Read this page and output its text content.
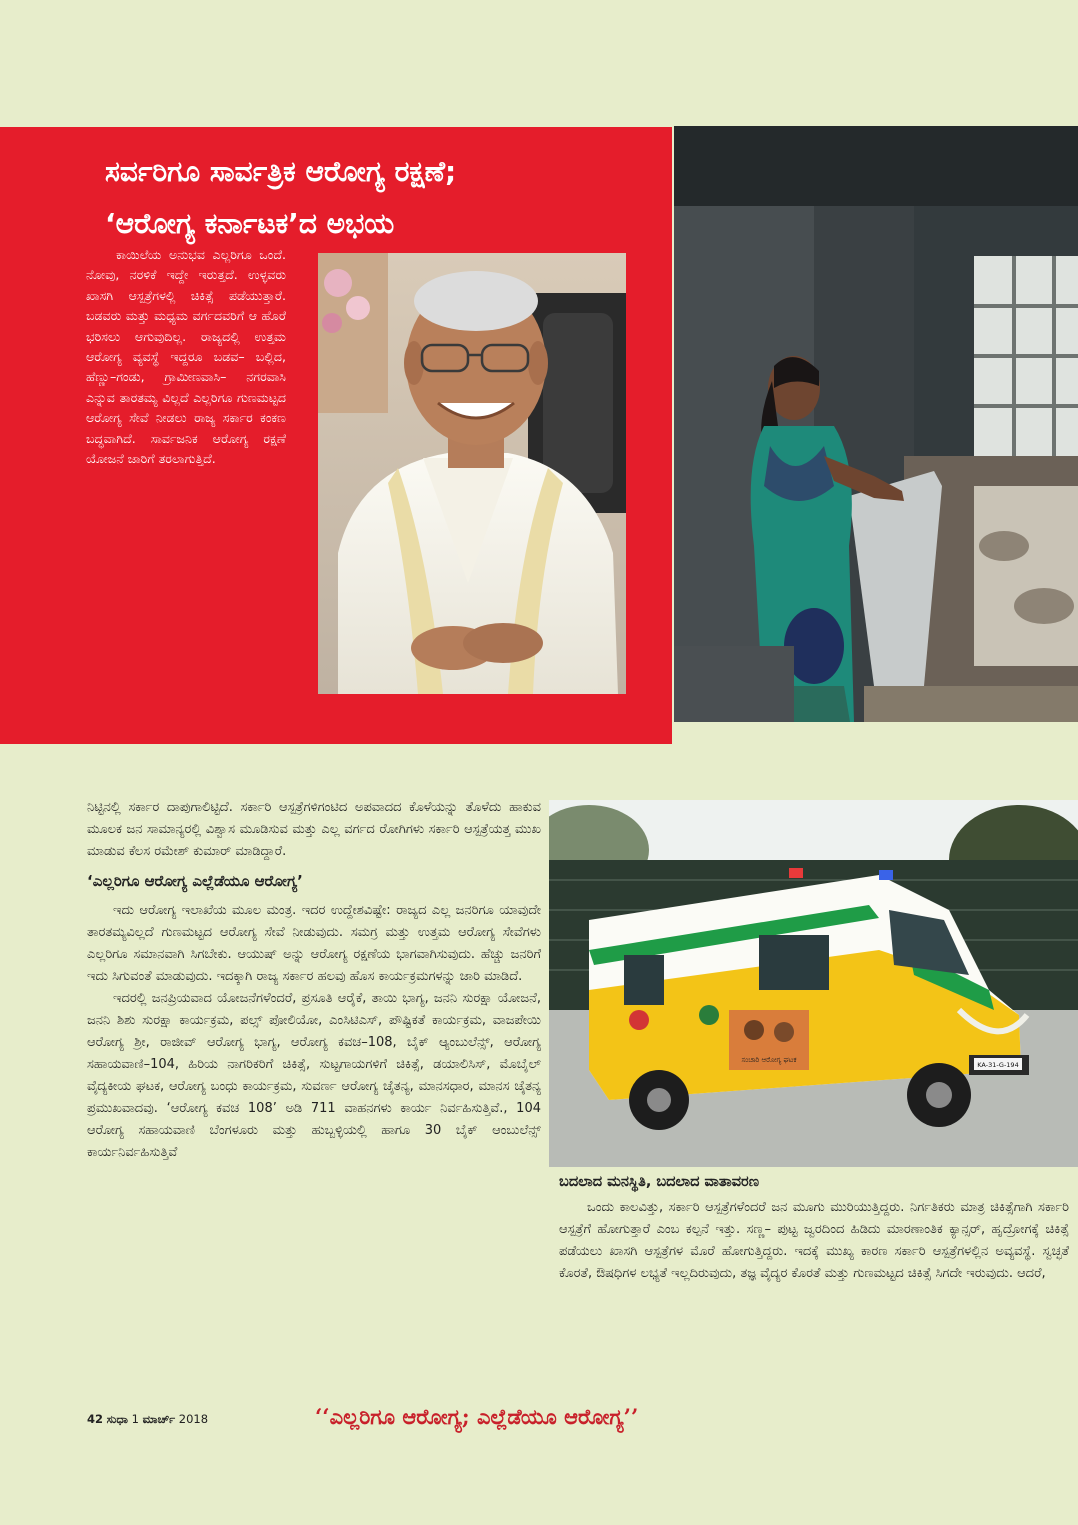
ಸರ್ವರಿಗೂ ಸಾರ್ವತ್ರಿಕ ಆರೋಗ್ಯ ರಕ್ಷಣೆ;
‘ಆರೋಗ್ಯ ಕರ್ನಾಟಕ’ದ ಅಭಯ

ಕಾಯಿಲೆಯ ಅನುಭವ ಎಲ್ಲರಿಗೂ ಒಂದೆ. ನೋವು, ನರಳಿಕೆ ಇದ್ದೇ ಇರುತ್ತದೆ. ಉಳ್ಳವರು ಖಾಸಗಿ ಆಸ್ಪತ್ರೆಗಳಲ್ಲಿ ಚಿಕಿತ್ಸೆ ಪಡೆಯುತ್ತಾರೆ. ಬಡವರು ಮತ್ತು ಮಧ್ಯಮ ವರ್ಗದವರಿಗೆ ಆ ಹೊರೆ ಭರಿಸಲು ಆಗುವುದಿಲ್ಲ. ರಾಜ್ಯದಲ್ಲಿ ಉತ್ತಮ ಆರೋಗ್ಯ ವ್ಯವಸ್ಥೆ ಇದ್ದರೂ ಬಡವ– ಬಲ್ಲಿದ, ಹೆಣ್ಣು–ಗಂಡು, ಗ್ರಾಮೀಣವಾಸಿ– ನಗರವಾಸಿ ಎನ್ನುವ ತಾರತಮ್ಯ ವಿಲ್ಲದೆ ಎಲ್ಲರಿಗೂ ಗುಣಮಟ್ಟದ ಆರೋಗ್ಯ ಸೇವೆ ನೀಡಲು ರಾಜ್ಯ ಸರ್ಕಾರ ಕಂಕಣ ಬದ್ಧವಾಗಿದೆ. ಸಾರ್ವಜನಿಕ ಆರೋಗ್ಯ ರಕ್ಷಣೆ ಯೋಜನೆ ಜಾರಿಗೆ ತರಲಾಗುತ್ತಿದೆ.

ನಿಟ್ಟಿನಲ್ಲಿ ಸರ್ಕಾರ ದಾಪುಗಾಲಿಟ್ಟಿದೆ. ಸರ್ಕಾರಿ ಆಸ್ಪತ್ರೆಗಳಿಗಂಟಿದ ಅಪವಾದದ ಕೊಳೆಯನ್ನು ತೊಳೆದು ಹಾಕುವ ಮೂಲಕ ಜನ ಸಾಮಾನ್ಯರಲ್ಲಿ ವಿಶ್ವಾಸ ಮೂಡಿಸುವ ಮತ್ತು ಎಲ್ಲ ವರ್ಗದ ರೋಗಿಗಳು ಸರ್ಕಾರಿ ಆಸ್ಪತ್ರೆಯತ್ತ ಮುಖ ಮಾಡುವ ಕೆಲಸ ರಮೇಶ್ ಕುಮಾರ್ ಮಾಡಿದ್ದಾರೆ.

‘ಎಲ್ಲರಿಗೂ ಆರೋಗ್ಯ ಎಲ್ಲೆಡೆಯೂ ಆರೋಗ್ಯ’

ಇದು ಆರೋಗ್ಯ ಇಲಾಖೆಯ ಮೂಲ ಮಂತ್ರ. ಇದರ ಉದ್ದೇಶವಿಷ್ಟೇ: ರಾಜ್ಯದ ಎಲ್ಲ ಜನರಿಗೂ ಯಾವುದೇ ತಾರತಮ್ಯವಿಲ್ಲದೆ ಗುಣಮಟ್ಟದ ಆರೋಗ್ಯ ಸೇವೆ ನೀಡುವುದು. ಸಮಗ್ರ ಮತ್ತು ಉತ್ತಮ ಆರೋಗ್ಯ ಸೇವೆಗಳು ಎಲ್ಲರಿಗೂ ಸಮಾನವಾಗಿ ಸಿಗಬೇಕು. ಆಯುಷ್ ಅನ್ನು ಆರೋಗ್ಯ ರಕ್ಷಣೆಯ ಭಾಗವಾಗಿಸುವುದು. ಹೆಚ್ಚು ಜನರಿಗೆ ಇದು ಸಿಗುವಂತೆ ಮಾಡುವುದು. ಇದಕ್ಕಾಗಿ ರಾಜ್ಯ ಸರ್ಕಾರ ಹಲವು ಹೊಸ ಕಾರ್ಯಕ್ರಮಗಳನ್ನು ಜಾರಿ ಮಾಡಿದೆ.

ಇದರಲ್ಲಿ ಜನಪ್ರಿಯವಾದ ಯೋಜನೆಗಳೆಂದರೆ, ಪ್ರಸೂತಿ ಆರೈಕೆ, ತಾಯಿ ಭಾಗ್ಯ, ಜನನಿ ಸುರಕ್ಷಾ ಯೋಜನೆ, ಜನನಿ ಶಿಶು ಸುರಕ್ಷಾ ಕಾರ್ಯಕ್ರಮ, ಪಲ್ಸ್ ಪೋಲಿಯೋ, ಎಂಸಿಟಿಎಸ್, ಪೌಷ್ಟಿಕತೆ ಕಾರ್ಯಕ್ರಮ, ವಾಜಪೇಯಿ ಆರೋಗ್ಯ ಶ್ರೀ, ರಾಜೀವ್ ಆರೋಗ್ಯ ಭಾಗ್ಯ, ಆರೋಗ್ಯ ಕವಚ–108, ಬೈಕ್ ಆ್ಯಂಬುಲೆನ್ಸ್, ಆರೋಗ್ಯ ಸಹಾಯವಾಣಿ–104, ಹಿರಿಯ ನಾಗರಿಕರಿಗೆ ಚಿಕಿತ್ಸೆ, ಸುಟ್ಟಗಾಯಗಳಿಗೆ ಚಿಕಿತ್ಸೆ, ಡಯಾಲಿಸಿಸ್, ಮೊಬೈಲ್ ವೈದ್ಯಕೀಯ ಘಟಕ, ಆರೋಗ್ಯ ಬಂಧು ಕಾರ್ಯಕ್ರಮ, ಸುವರ್ಣ ಆರೋಗ್ಯ ಚೈತನ್ಯ, ಮಾನಸಧಾರ, ಮಾನಸ ಚೈತನ್ಯ ಪ್ರಮುಖವಾದವು. ‘ಆರೋಗ್ಯ ಕವಚ 108’ ಅಡಿ 711 ವಾಹನಗಳು ಕಾರ್ಯ ನಿರ್ವಹಿಸುತ್ತಿವೆ., 104 ಆರೋಗ್ಯ ಸಹಾಯವಾಣಿ ಬೆಂಗಳೂರು ಮತ್ತು ಹುಬ್ಬಳ್ಳಿಯಲ್ಲಿ ಹಾಗೂ 30 ಬೈಕ್ ಆಂಬುಲೆನ್ಸ್ ಕಾರ್ಯನಿರ್ವಹಿಸುತ್ತಿವೆ

ಸಂಚಾರಿ ಆರೋಗ್ಯ ಘಟಕ
KA-31-G-194

ಬದಲಾದ ಮನಸ್ಥಿತಿ, ಬದಲಾದ ವಾತಾವರಣ

ಒಂದು ಕಾಲವಿತ್ತು, ಸರ್ಕಾರಿ ಆಸ್ಪತ್ರೆಗಳೆಂದರೆ ಜನ ಮೂಗು ಮುರಿಯುತ್ತಿದ್ದರು. ನಿರ್ಗತಿಕರು ಮಾತ್ರ ಚಿಕಿತ್ಸೆಗಾಗಿ ಸರ್ಕಾರಿ ಆಸ್ಪತ್ರೆಗೆ ಹೋಗುತ್ತಾರೆ ಎಂಬ ಕಲ್ಪನೆ ಇತ್ತು. ಸಣ್ಣ– ಪುಟ್ಟ ಜ್ವರದಿಂದ ಹಿಡಿದು ಮಾರಣಾಂತಿಕ ಕ್ಯಾನ್ಸರ್, ಹೃದ್ರೋಗಕ್ಕೆ ಚಿಕಿತ್ಸೆ ಪಡೆಯಲು ಖಾಸಗಿ ಆಸ್ಪತ್ರೆಗಳ ಮೊರೆ ಹೋಗುತ್ತಿದ್ದರು. ಇದಕ್ಕೆ ಮುಖ್ಯ ಕಾರಣ ಸರ್ಕಾರಿ ಆಸ್ಪತ್ರೆಗಳಲ್ಲಿನ ಅವ್ಯವಸ್ಥೆ. ಸ್ವಚ್ಛತೆ ಕೊರತೆ, ಔಷಧಿಗಳ ಲಭ್ಯತೆ ಇಲ್ಲದಿರುವುದು, ತಜ್ಞ ವೈದ್ಯರ ಕೊರತೆ ಮತ್ತು ಗುಣಮಟ್ಟದ ಚಿಕಿತ್ಸೆ ಸಿಗದೇ ಇರುವುದು. ಆದರೆ,

42 ಸುಧಾ 1 ಮಾರ್ಚ್ 2018	‘‘ಎಲ್ಲರಿಗೂ ಆರೋಗ್ಯ; ಎಲ್ಲೆಡೆಯೂ ಆರೋಗ್ಯ’’
